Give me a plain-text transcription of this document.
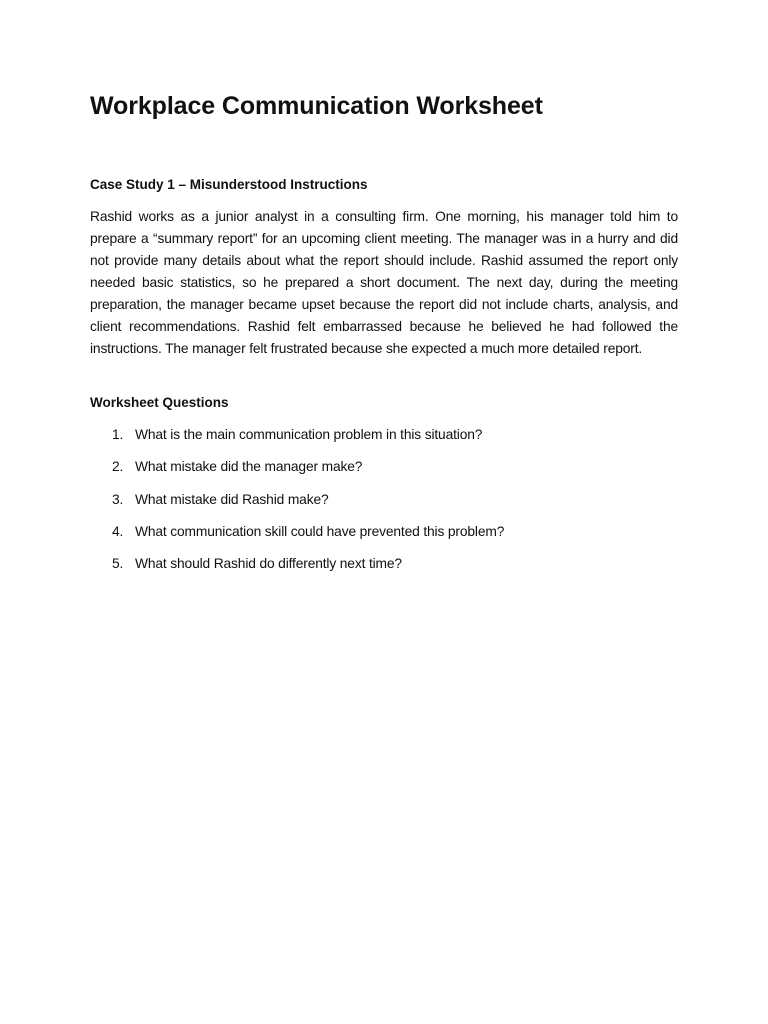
Workplace Communication Worksheet
Case Study 1 – Misunderstood Instructions

Rashid works as a junior analyst in a consulting firm. One morning, his manager told him to prepare a “summary report” for an upcoming client meeting. The manager was in a hurry and did not provide many details about what the report should include. Rashid assumed the report only needed basic statistics, so he prepared a short document. The next day, during the meeting preparation, the manager became upset because the report did not include charts, analysis, and client recommendations. Rashid felt embarrassed because he believed he had followed the instructions. The manager felt frustrated because she expected a much more detailed report.

Worksheet Questions
1. What is the main communication problem in this situation?
2. What mistake did the manager make?
3. What mistake did Rashid make?
4. What communication skill could have prevented this problem?
5. What should Rashid do differently next time?
